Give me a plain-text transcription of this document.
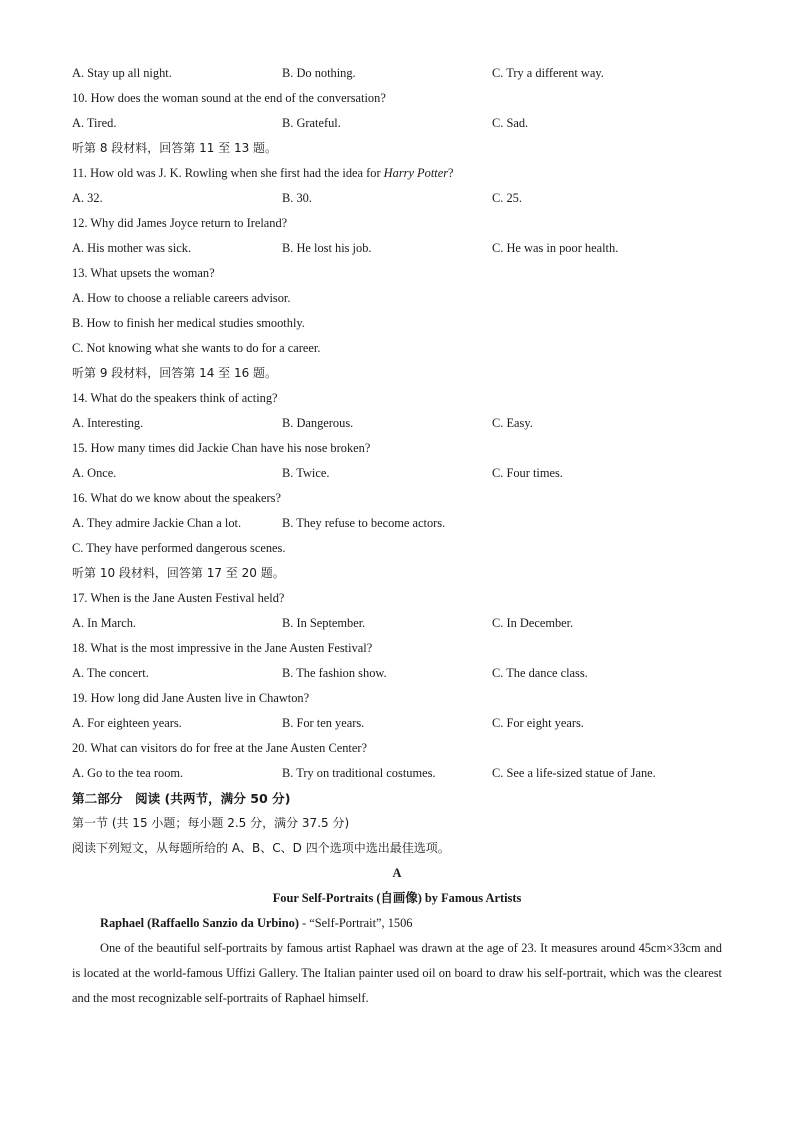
A. Stay up all night.	B. Do nothing.	C. Try a different way.
10. How does the woman sound at the end of the conversation?
A. Tired.	B. Grateful.	C. Sad.
听第 8 段材料，回答第 11 至 13 题。
11. How old was J. K. Rowling when she first had the idea for Harry Potter?
A. 32.	B. 30.	C. 25.
12. Why did James Joyce return to Ireland?
A. His mother was sick.	B. He lost his job.	C. He was in poor health.
13. What upsets the woman?
A. How to choose a reliable careers advisor.
B. How to finish her medical studies smoothly.
C. Not knowing what she wants to do for a career.
听第 9 段材料，回答第 14 至 16 题。
14. What do the speakers think of acting?
A. Interesting.	B. Dangerous.	C. Easy.
15. How many times did Jackie Chan have his nose broken?
A. Once.	B. Twice.	C. Four times.
16. What do we know about the speakers?
A. They admire Jackie Chan a lot.	B. They refuse to become actors.
C. They have performed dangerous scenes.
听第 10 段材料，回答第 17 至 20 题。
17. When is the Jane Austen Festival held?
A. In March.	B. In September.	C. In December.
18. What is the most impressive in the Jane Austen Festival?
A. The concert.	B. The fashion show.	C. The dance class.
19. How long did Jane Austen live in Chawton?
A. For eighteen years.	B. For ten years.	C. For eight years.
20. What can visitors do for free at the Jane Austen Center?
A. Go to the tea room.	B. Try on traditional costumes.	C. See a life-sized statue of Jane.
第二部分　阅读 (共两节，满分 50 分)
第一节 (共 15 小题；每小题 2.5 分，满分 37.5 分)
阅读下列短文，从每题所给的 A、B、C、D 四个选项中选出最佳选项。
A
Four Self-Portraits (自画像) by Famous Artists
Raphael (Raffaello Sanzio da Urbino) - “Self-Portrait”, 1506
One of the beautiful self-portraits by famous artist Raphael was drawn at the age of 23. It measures around 45cm×33cm and is located at the world-famous Uffizi Gallery. The Italian painter used oil on board to draw his self-portrait, which was the clearest and the most recognizable self-portraits of Raphael himself.
